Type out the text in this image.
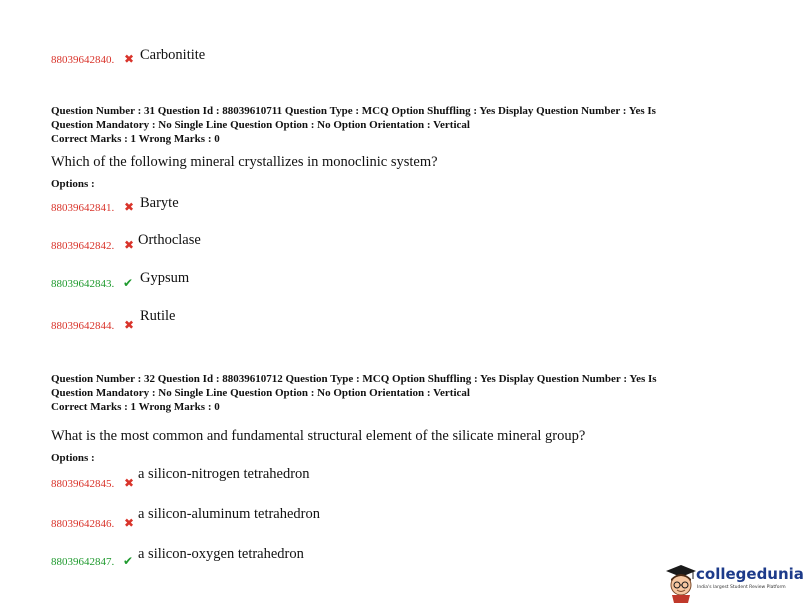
88039642840. ✖ Carbonitite
Question Number : 31 Question Id : 88039610711 Question Type : MCQ Option Shuffling : Yes Display Question Number : Yes Is
Question Mandatory : No Single Line Question Option : No Option Orientation : Vertical
Correct Marks : 1 Wrong Marks : 0
Which of the following mineral crystallizes in monoclinic system?
Options :
88039642841. ✖ Baryte
88039642842. ✖ Orthoclase
88039642843. ✔ Gypsum
88039642844. ✖
Rutile
Question Number : 32 Question Id : 88039610712 Question Type : MCQ Option Shuffling : Yes Display Question Number : Yes Is
Question Mandatory : No Single Line Question Option : No Option Orientation : Vertical
Correct Marks : 1 Wrong Marks : 0
What is the most common and fundamental structural element of the silicate mineral group?
Options :
88039642845. ✖
a silicon-nitrogen tetrahedron
88039642846. ✖
a silicon-aluminum tetrahedron
88039642847. ✔ a silicon-oxygen tetrahedron
collegedunia
India's largest Student Review Platform
